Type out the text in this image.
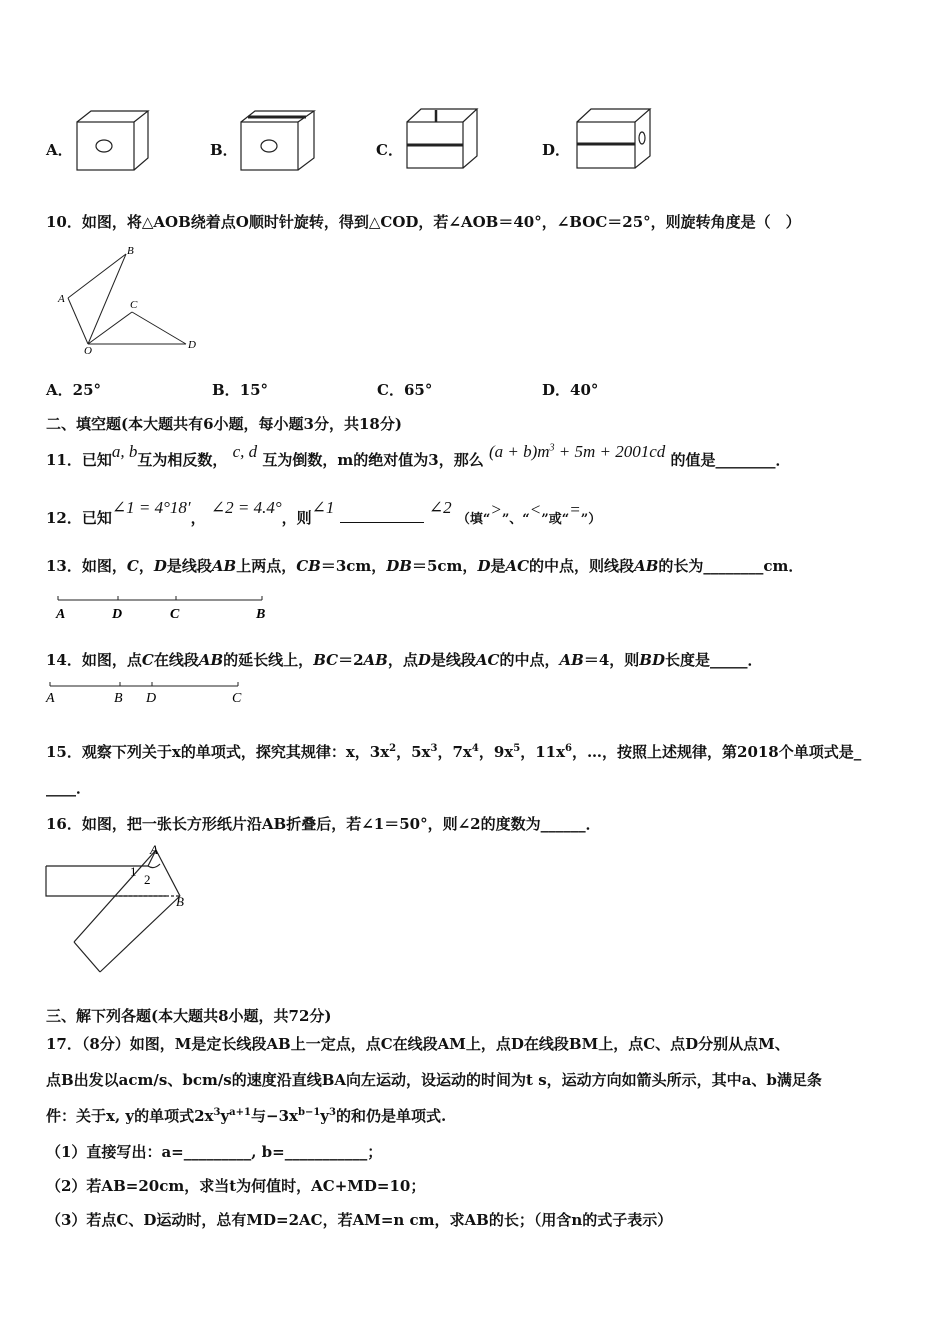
A．	B．	C．	D．
10．如图，将△AOB绕着点O顺时针旋转，得到△COD，若∠AOB＝40°，∠BOC＝25°，则旋转角度是（　）
A
B
C
O	D
A．25°	B．15°	C．65°	D．40°
二、填空题(本大题共有6小题，每小题3分，共18分)
11．已知a, b互为相反数， c, d 互为倒数，m的绝对值为3，那么 $(a + b)m^3 + 5m + 2001cd$ 的值是________．
12．已知∠1 = 4°18′， ∠2 = 4.4°，则∠1	∠2 （填“>”、“<”或“=”）
13．如图，C，D是线段AB上两点，CB＝3cm，DB＝5cm，D是AC的中点，则线段AB的长为________cm．
A	D	C	B
14．如图，点C在线段AB的延长线上，BC＝2AB，点D是线段AC的中点，AB＝4，则BD长度是_____．
A	B D	C
15．观察下列关于x的单项式，探究其规律：x，$3x^2$，$5x^3$，$7x^4$，$9x^5$，$11x^6$，…，按照上述规律，第2018个单项式是_
____．
16．如图，把一张长方形纸片沿AB折叠后，若∠1＝50°，则∠2的度数为______．
A
1
2
B
三、解下列各题(本大题共8小题，共72分)
17．（8分）如图，M是定长线段AB上一定点，点C在线段AM上，点D在线段BM上，点C、点D分别从点M、
点B出发以acm/s、bcm/s的速度沿直线BA向左运动，设运动的时间为t s，运动方向如箭头所示，其中a、b满足条
件：关于x, y的单项式$2x^3y^{a+1}$与$-3x^{b-1}y^3$的和仍是单项式.
（1）直接写出：a=_________, b=___________；
（2）若AB=20cm，求当t为何值时，AC+MD=10；
（3）若点C、D运动时，总有MD=2AC，若AM=n cm，求AB的长；（用含n的式子表示）
